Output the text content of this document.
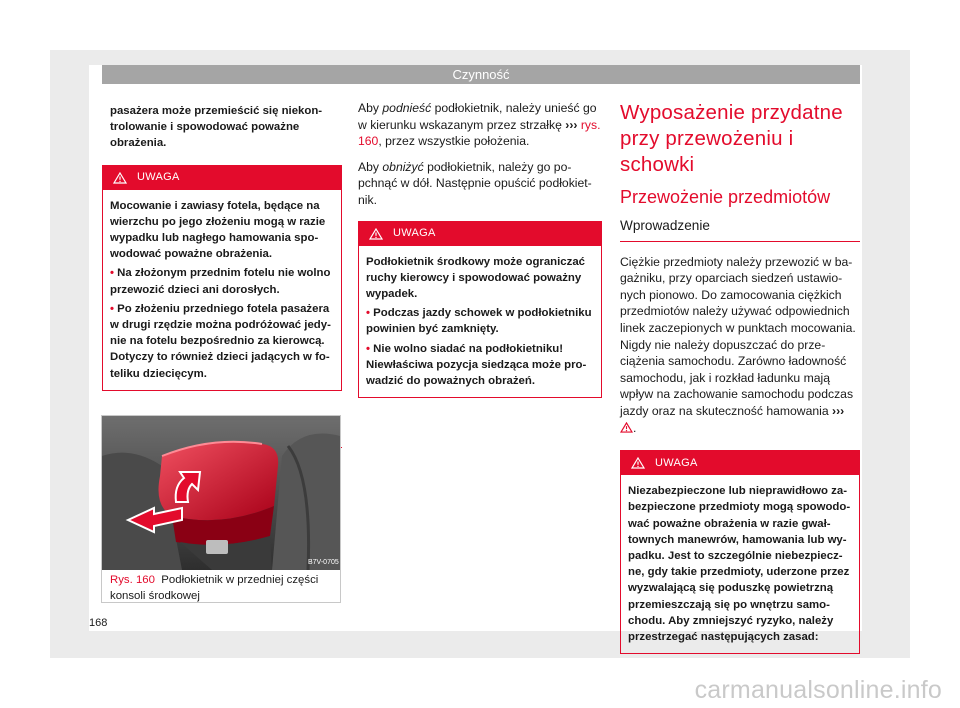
Czynność
pasażera może przemieścić się niekontrolowanie i spowodować poważne obrażenia.
UWAGA
Mocowanie i zawiasy fotela, będące na wierzchu po jego złożeniu mogą w razie wypadku lub nagłego hamowania spowodować poważne obrażenia.
• Na złożonym przednim fotelu nie wolno przewozić dzieci ani dorosłych.
• Po złożeniu przedniego fotela pasażera w drugi rzędzie można podróżować jedynie na fotelu bezpośrednio za kierowcą. Dotyczy to również dzieci jadących w foteliku dziecięcym.
B7V-0705
Rys. 160 Podłokietnik w przedniej części konsoli środkowej

Aby podnieść podłokietnik, należy unieść go w kierunku wskazanym przez strzałkę ››› rys. 160, przez wszystkie położenia.

Aby obniżyć podłokietnik, należy go popchnąć w dół. Następnie opuścić podłokietnik.

UWAGA
Podłokietnik środkowy może ograniczać ruchy kierowcy i spowodować poważny wypadek.
• Podczas jazdy schowek w podłokietniku powinien być zamknięty.
• Nie wolno siadać na podłokietniku! Niewłaściwa pozycja siedząca może prowadzić do poważnych obrażeń.
Wyposażenie przydatne przy przewożeniu i schowki
Przewożenie przedmiotów
Wprowadzenie

Ciężkie przedmioty należy przewozić w bagażniku, przy oparciach siedzeń ustawionych pionowo. Do zamocowania ciężkich przedmiotów należy używać odpowiednich linek zaczepionych w punktach mocowania. Nigdy nie należy dopuszczać do przeciążenia samochodu. Zarówno ładowność samochodu, jak i rozkład ładunku mają wpływ na zachowanie samochodu podczas jazdy oraz na skuteczność hamowania ››› .

UWAGA
Niezabezpieczone lub nieprawidłowo zabezpieczone przedmioty mogą spowodować poważne obrażenia w razie gwałtownych manewrów, hamowania lub wypadku. Jest to szczególnie niebezpieczne, gdy takie przedmioty, uderzone przez wyzwalającą się poduszkę powietrzną przemieszczają się po wnętrzu samochodu. Aby zmniejszyć ryzyko, należy przestrzegać następujących zasad:
168
carmanualsonline.info
